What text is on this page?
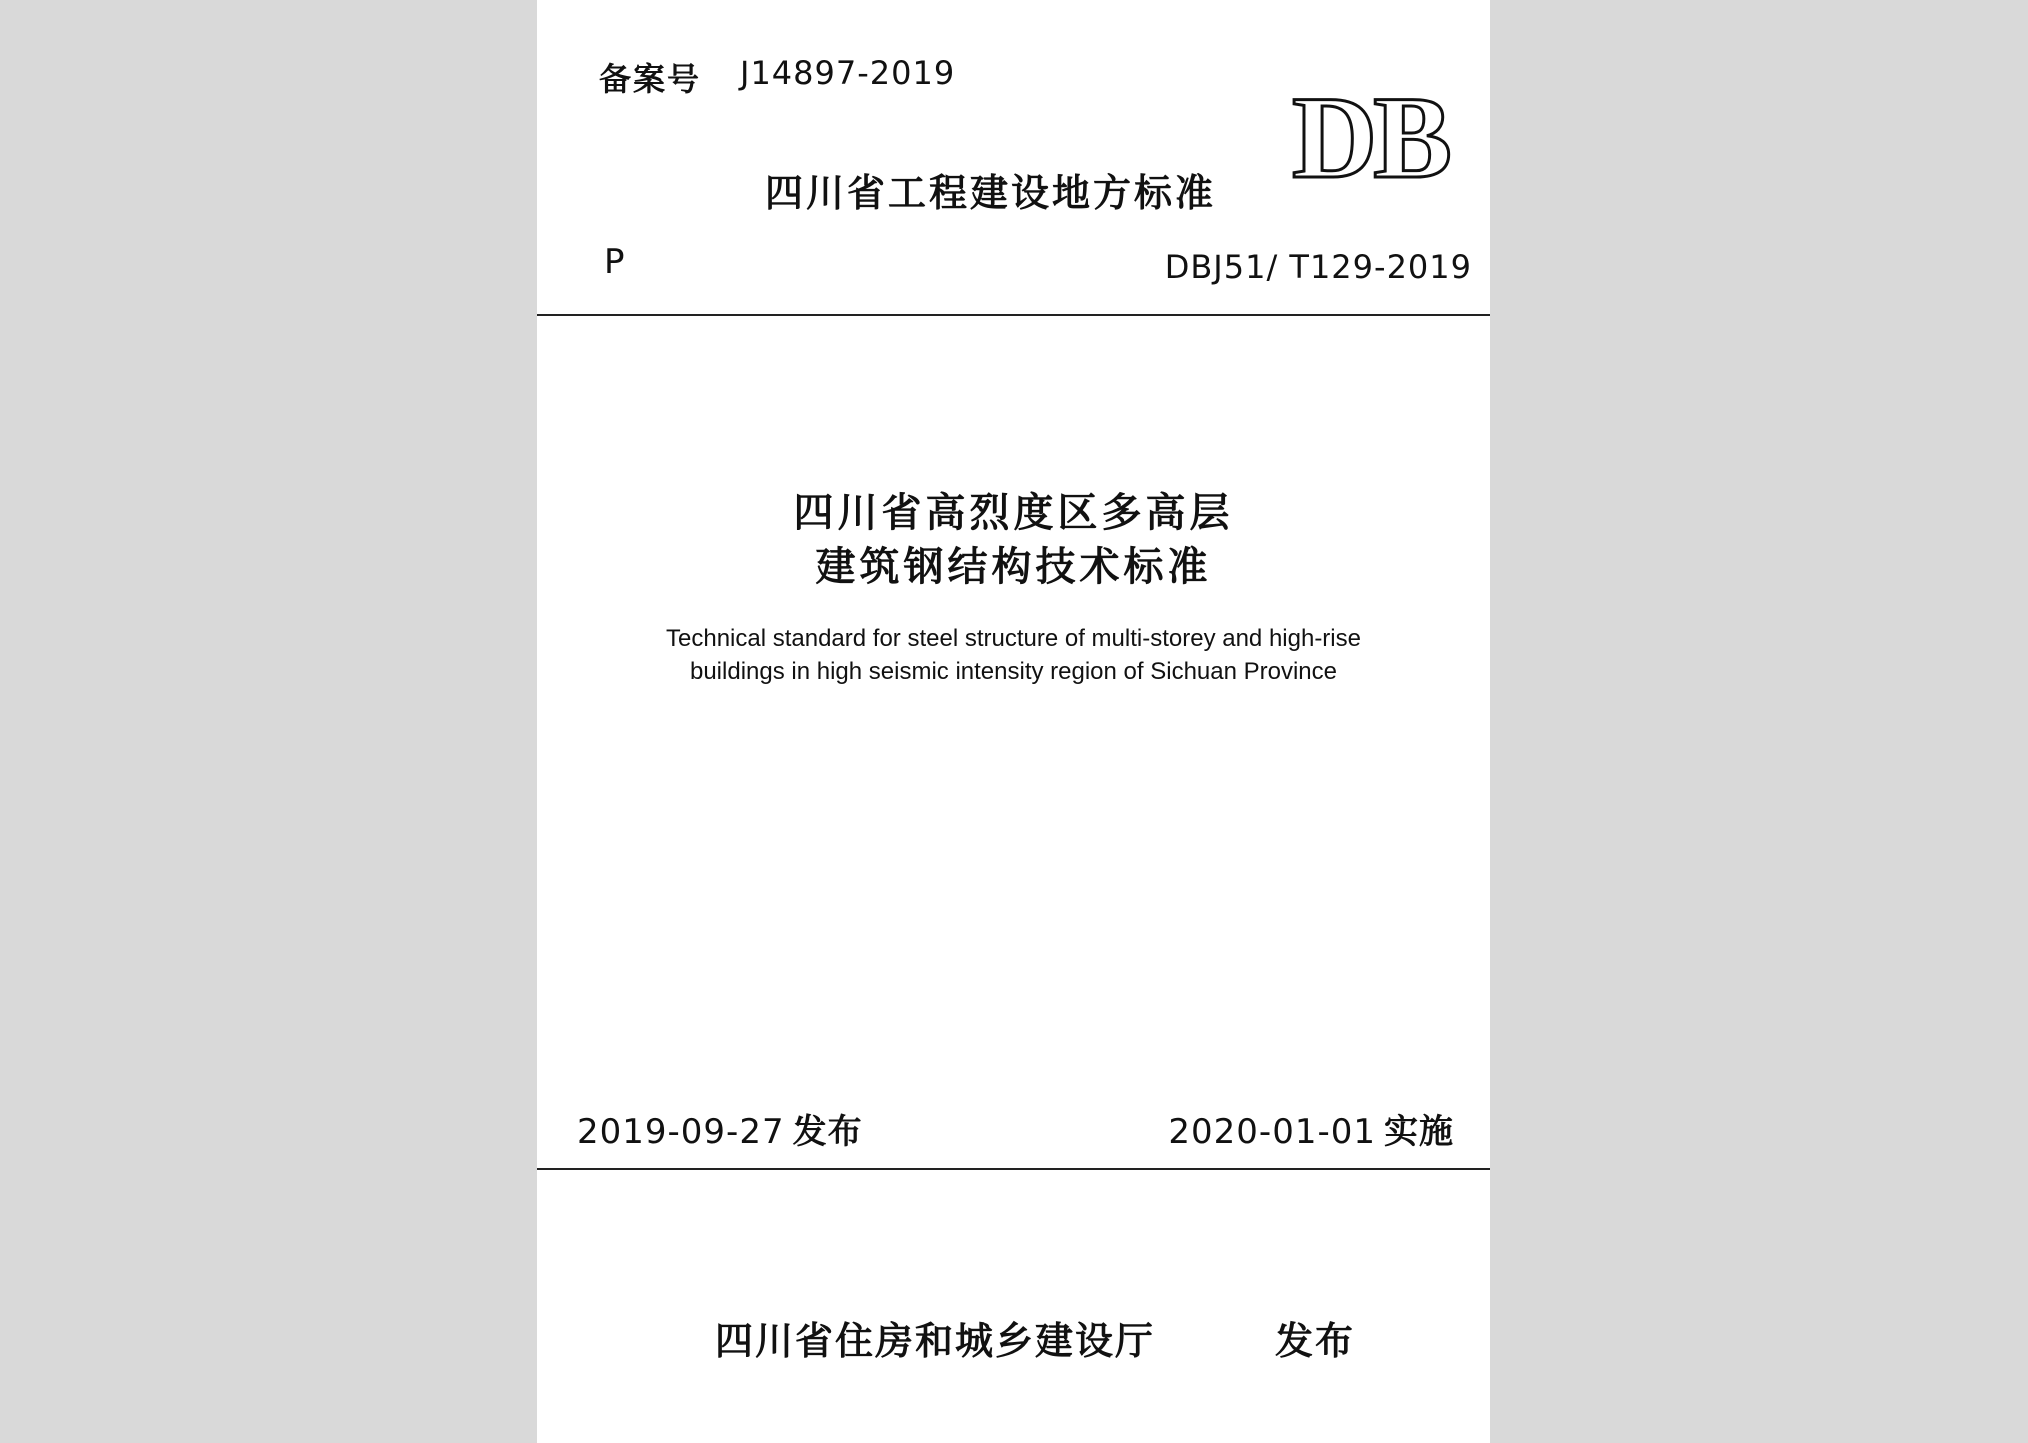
备案号 J14897-2019	DB
四川省工程建设地方标准
P	DBJ51/ T129-2019
四川省高烈度区多高层
建筑钢结构技术标准
Technical standard for steel structure of multi-storey and high-rise
buildings in high seismic intensity region of Sichuan Province
2019-09-27 发布	2020-01-01 实施
四川省住房和城乡建设厅	发布
